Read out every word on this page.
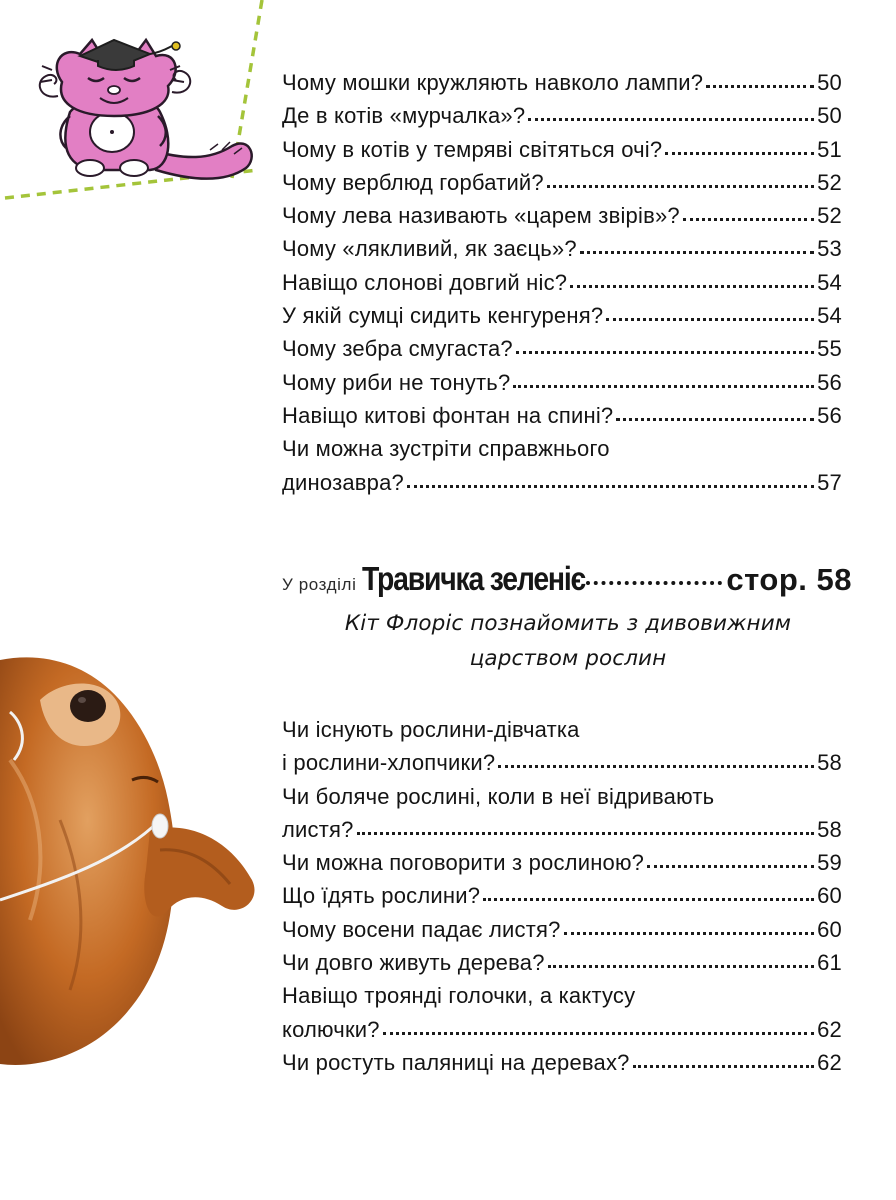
Чому мошки кружляють навколо лампи?	50
Де в котів «мурчалка»?	50
Чому в котів у темряві світяться очі?	51
Чому верблюд горбатий?	52
Чому лева називають «царем звірів»?	52
Чому «лякливий, як заєць»?	53
Навіщо слонові довгий ніс?	54
У якій сумці сидить кенгуреня?	54
Чому зебра смугаста?	55
Чому риби не тонуть?	56
Навіщо китові фонтан на спині?	56
Чи можна зустріти справжнього
динозавра?	57
У розділі Травичка зеленіє	стор. 58
Кіт Флоріс познайомить з дивовижним
царством рослин
Чи існують рослини-дівчатка
і рослини-хлопчики?	58
Чи боляче рослині, коли в неї відривають
листя?	58
Чи можна поговорити з рослиною?	59
Що їдять рослини?	60
Чому восени падає листя?	60
Чи довго живуть дерева?	61
Навіщо троянді голочки, а кактусу
колючки?	62
Чи ростуть паляниці на деревах?	62
